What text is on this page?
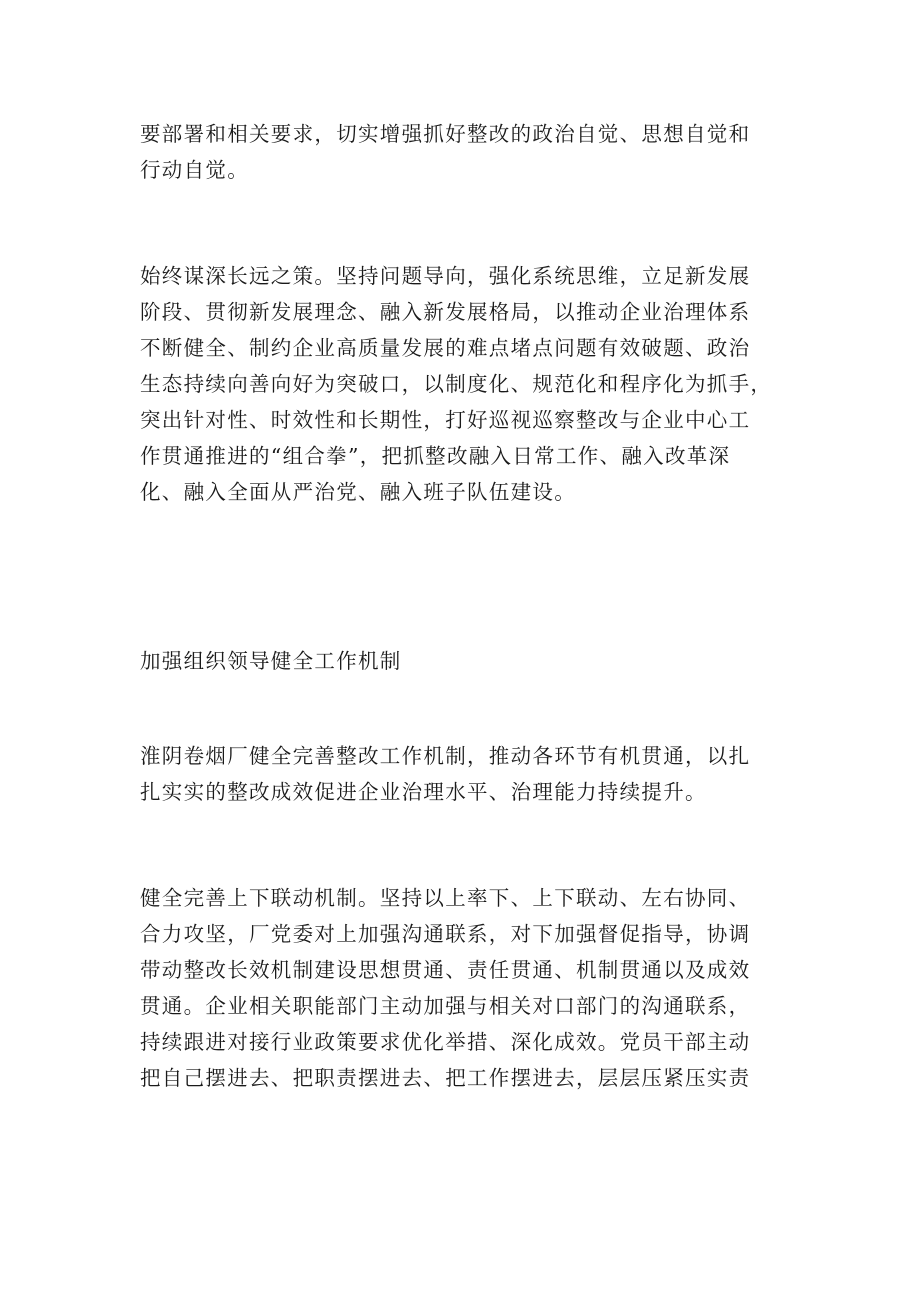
要部署和相关要求，切实增强抓好整改的政治自觉、思想自觉和
行动自觉。
始终谋深长远之策。坚持问题导向，强化系统思维，立足新发展
阶段、贯彻新发展理念、融入新发展格局，以推动企业治理体系
不断健全、制约企业高质量发展的难点堵点问题有效破题、政治
生态持续向善向好为突破口，以制度化、规范化和程序化为抓手，
突出针对性、时效性和长期性，打好巡视巡察整改与企业中心工
作贯通推进的“组合拳”，把抓整改融入日常工作、融入改革深
化、融入全面从严治党、融入班子队伍建设。
加强组织领导健全工作机制
淮阴卷烟厂健全完善整改工作机制，推动各环节有机贯通，以扎
扎实实的整改成效促进企业治理水平、治理能力持续提升。
健全完善上下联动机制。坚持以上率下、上下联动、左右协同、
合力攻坚，厂党委对上加强沟通联系，对下加强督促指导，协调
带动整改长效机制建设思想贯通、责任贯通、机制贯通以及成效
贯通。企业相关职能部门主动加强与相关对口部门的沟通联系，
持续跟进对接行业政策要求优化举措、深化成效。党员干部主动
把自己摆进去、把职责摆进去、把工作摆进去，层层压紧压实责
